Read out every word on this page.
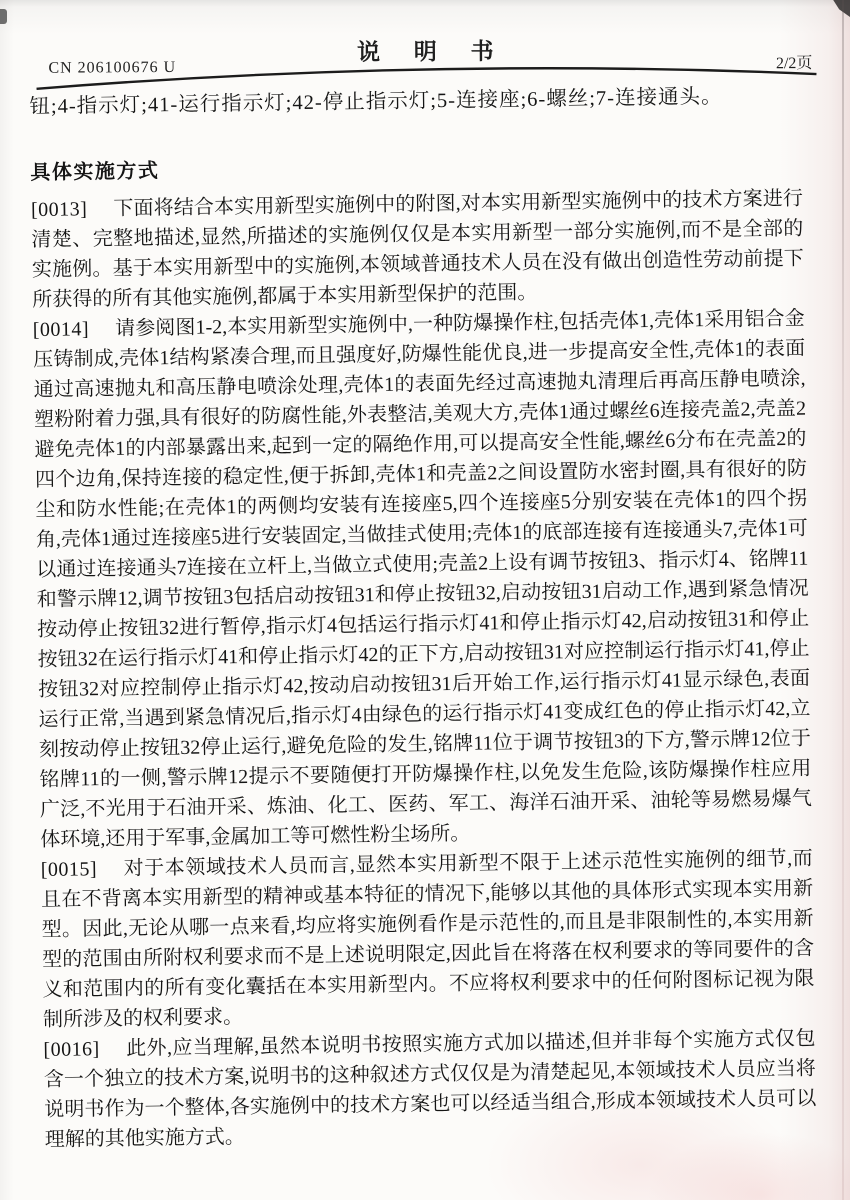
说 明 书
CN 206100676 U	2/2页

钮;4-指示灯;41-运行指示灯;42-停止指示灯;5-连接座;6-螺丝;7-连接通头。

具体实施方式

[0013] 下面将结合本实用新型实施例中的附图,对本实用新型实施例中的技术方案进行清楚、完整地描述,显然,所描述的实施例仅仅是本实用新型一部分实施例,而不是全部的实施例。基于本实用新型中的实施例,本领域普通技术人员在没有做出创造性劳动前提下所获得的所有其他实施例,都属于本实用新型保护的范围。

[0014] 请参阅图1-2,本实用新型实施例中,一种防爆操作柱,包括壳体1,壳体1采用铝合金压铸制成,壳体1结构紧凑合理,而且强度好,防爆性能优良,进一步提高安全性,壳体1的表面通过高速抛丸和高压静电喷涂处理,壳体1的表面先经过高速抛丸清理后再高压静电喷涂,塑粉附着力强,具有很好的防腐性能,外表整洁,美观大方,壳体1通过螺丝6连接壳盖2,壳盖2避免壳体1的内部暴露出来,起到一定的隔绝作用,可以提高安全性能,螺丝6分布在壳盖2的四个边角,保持连接的稳定性,便于拆卸,壳体1和壳盖2之间设置防水密封圈,具有很好的防尘和防水性能;在壳体1的两侧均安装有连接座5,四个连接座5分别安装在壳体1的四个拐角,壳体1通过连接座5进行安装固定,当做挂式使用;壳体1的底部连接有连接通头7,壳体1可以通过连接通头7连接在立杆上,当做立式使用;壳盖2上设有调节按钮3、指示灯4、铭牌11和警示牌12,调节按钮3包括启动按钮31和停止按钮32,启动按钮31启动工作,遇到紧急情况按动停止按钮32进行暂停,指示灯4包括运行指示灯41和停止指示灯42,启动按钮31和停止按钮32在运行指示灯41和停止指示灯42的正下方,启动按钮31对应控制运行指示灯41,停止按钮32对应控制停止指示灯42,按动启动按钮31后开始工作,运行指示灯41显示绿色,表面运行正常,当遇到紧急情况后,指示灯4由绿色的运行指示灯41变成红色的停止指示灯42,立刻按动停止按钮32停止运行,避免危险的发生,铭牌11位于调节按钮3的下方,警示牌12位于铭牌11的一侧,警示牌12提示不要随便打开防爆操作柱,以免发生危险,该防爆操作柱应用广泛,不光用于石油开采、炼油、化工、医药、军工、海洋石油开采、油轮等易燃易爆气体环境,还用于军事,金属加工等可燃性粉尘场所。

[0015] 对于本领域技术人员而言,显然本实用新型不限于上述示范性实施例的细节,而且在不背离本实用新型的精神或基本特征的情况下,能够以其他的具体形式实现本实用新型。因此,无论从哪一点来看,均应将实施例看作是示范性的,而且是非限制性的,本实用新型的范围由所附权利要求而不是上述说明限定,因此旨在将落在权利要求的等同要件的含义和范围内的所有变化囊括在本实用新型内。不应将权利要求中的任何附图标记视为限制所涉及的权利要求。

[0016] 此外,应当理解,虽然本说明书按照实施方式加以描述,但并非每个实施方式仅包含一个独立的技术方案,说明书的这种叙述方式仅仅是为清楚起见,本领域技术人员应当将说明书作为一个整体,各实施例中的技术方案也可以经适当组合,形成本领域技术人员可以理解的其他实施方式。
